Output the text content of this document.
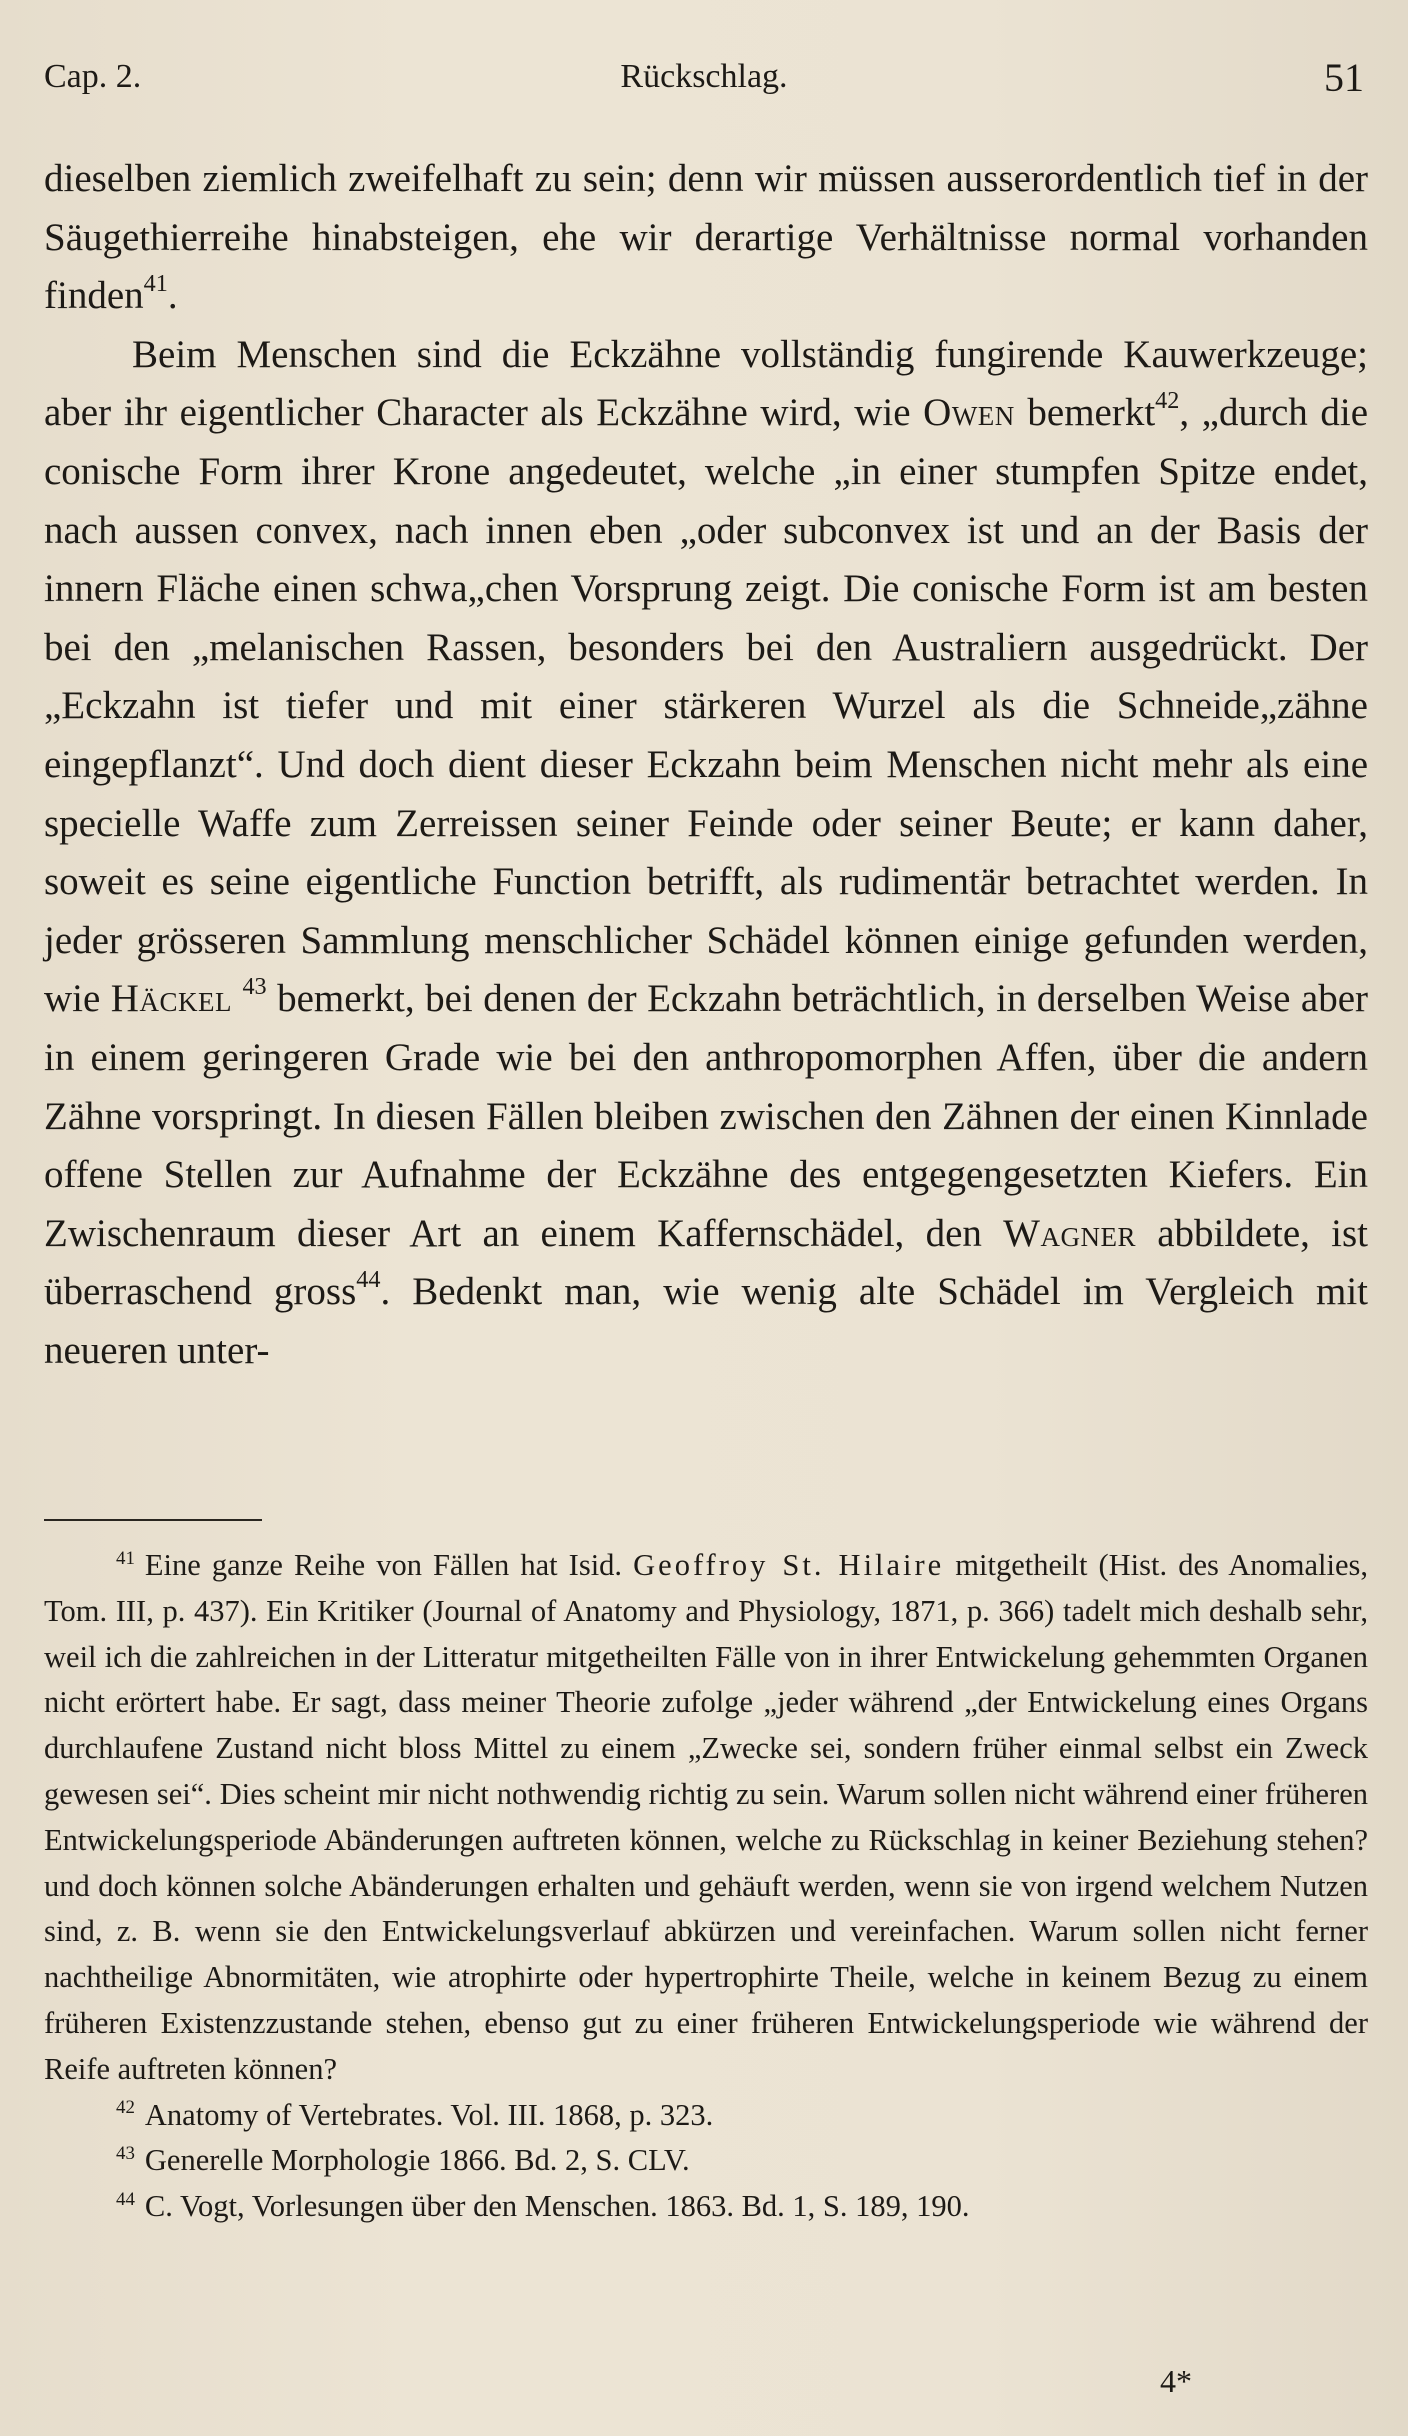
Cap. 2.	Rückschlag.	51

dieselben ziemlich zweifelhaft zu sein; denn wir müssen ausserordentlich tief in der Säugethierreihe hinabsteigen, ehe wir derartige Verhältnisse normal vorhanden finden$^{41}$.

Beim Menschen sind die Eckzähne vollständig fungirende Kauwerkzeuge; aber ihr eigentlicher Character als Eckzähne wird, wie Owen bemerkt$^{42}$, „durch die conische Form ihrer Krone angedeutet, welche „in einer stumpfen Spitze endet, nach aussen convex, nach innen eben „oder subconvex ist und an der Basis der innern Fläche einen schwa„chen Vorsprung zeigt. Die conische Form ist am besten bei den „melanischen Rassen, besonders bei den Australiern ausgedrückt. Der „Eckzahn ist tiefer und mit einer stärkeren Wurzel als die Schneide„zähne eingepflanzt“. Und doch dient dieser Eckzahn beim Menschen nicht mehr als eine specielle Waffe zum Zerreissen seiner Feinde oder seiner Beute; er kann daher, soweit es seine eigentliche Function betrifft, als rudimentär betrachtet werden. In jeder grösseren Sammlung menschlicher Schädel können einige gefunden werden, wie Häckel $^{43}$ bemerkt, bei denen der Eckzahn beträchtlich, in derselben Weise aber in einem geringeren Grade wie bei den anthropomorphen Affen, über die andern Zähne vorspringt. In diesen Fällen bleiben zwischen den Zähnen der einen Kinnlade offene Stellen zur Aufnahme der Eckzähne des entgegengesetzten Kiefers. Ein Zwischenraum dieser Art an einem Kaffernschädel, den Wagner abbildete, ist überraschend gross$^{44}$. Bedenkt man, wie wenig alte Schädel im Vergleich mit neueren unter-

$^{41}$ Eine ganze Reihe von Fällen hat Isid. Geoffroy St. Hilaire mitgetheilt (Hist. des Anomalies, Tom. III, p. 437). Ein Kritiker (Journal of Anatomy and Physiology, 1871, p. 366) tadelt mich deshalb sehr, weil ich die zahlreichen in der Litteratur mitgetheilten Fälle von in ihrer Entwickelung gehemmten Organen nicht erörtert habe. Er sagt, dass meiner Theorie zufolge „jeder während „der Entwickelung eines Organs durchlaufene Zustand nicht bloss Mittel zu einem „Zwecke sei, sondern früher einmal selbst ein Zweck gewesen sei“. Dies scheint mir nicht nothwendig richtig zu sein. Warum sollen nicht während einer früheren Entwickelungsperiode Abänderungen auftreten können, welche zu Rückschlag in keiner Beziehung stehen? und doch können solche Abänderungen erhalten und gehäuft werden, wenn sie von irgend welchem Nutzen sind, z. B. wenn sie den Entwickelungsverlauf abkürzen und vereinfachen. Warum sollen nicht ferner nachtheilige Abnormitäten, wie atrophirte oder hypertrophirte Theile, welche in keinem Bezug zu einem früheren Existenzzustande stehen, ebenso gut zu einer früheren Entwickelungsperiode wie während der Reife auftreten können?

$^{42}$ Anatomy of Vertebrates. Vol. III. 1868, p. 323.

$^{43}$ Generelle Morphologie 1866. Bd. 2, S. CLV.

$^{44}$ C. Vogt, Vorlesungen über den Menschen. 1863. Bd. 1, S. 189, 190.

4*
